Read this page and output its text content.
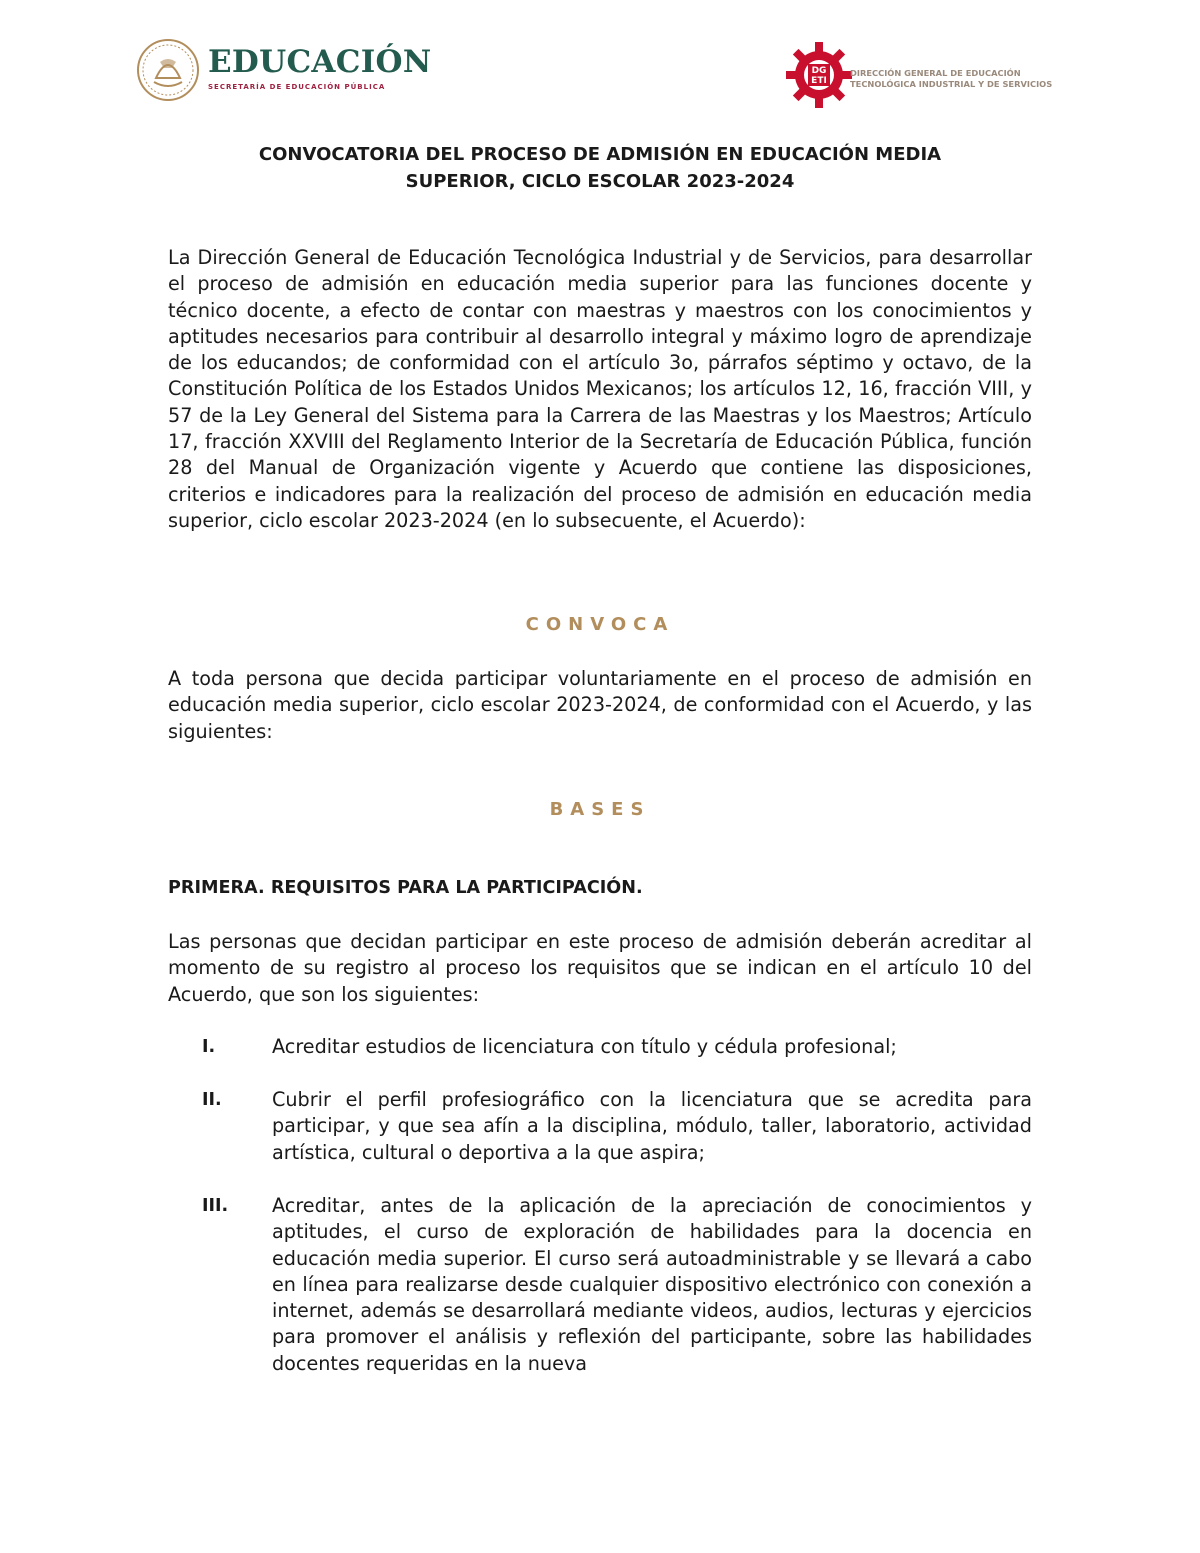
EDUCACIÓN
SECRETARÍA DE EDUCACIÓN PÚBLICA
DG
ETI
DIRECCIÓN GENERAL DE EDUCACIÓN
TECNOLÓGICA INDUSTRIAL Y DE SERVICIOS
CONVOCATORIA DEL PROCESO DE ADMISIÓN EN EDUCACIÓN MEDIA
SUPERIOR, CICLO ESCOLAR 2023-2024

La Dirección General de Educación Tecnológica Industrial y de Servicios, para desarrollar el proceso de admisión en educación media superior para las funciones docente y técnico docente, a efecto de contar con maestras y maestros con los conocimientos y aptitudes necesarios para contribuir al desarrollo integral y máximo logro de aprendizaje de los educandos; de conformidad con el artículo 3o, párrafos séptimo y octavo, de la Constitución Política de los Estados Unidos Mexicanos; los artículos 12, 16, fracción VIII, y 57 de la Ley General del Sistema para la Carrera de las Maestras y los Maestros; Artículo 17, fracción XXVIII del Reglamento Interior de la Secretaría de Educación Pública, función 28 del Manual de Organización vigente y Acuerdo que contiene las disposiciones, criterios e indicadores para la realización del proceso de admisión en educación media superior, ciclo escolar 2023-2024 (en lo subsecuente, el Acuerdo):

CONVOCA

A toda persona que decida participar voluntariamente en el proceso de admisión en educación media superior, ciclo escolar 2023-2024, de conformidad con el Acuerdo, y las siguientes:

BASES
PRIMERA. REQUISITOS PARA LA PARTICIPACIÓN.

Las personas que decidan participar en este proceso de admisión deberán acreditar al momento de su registro al proceso los requisitos que se indican en el artículo 10 del Acuerdo, que son los siguientes:

I.	Acreditar estudios de licenciatura con título y cédula profesional;

II.	Cubrir el perfil profesiográfico con la licenciatura que se acredita para participar, y que sea afín a la disciplina, módulo, taller, laboratorio, actividad artística, cultural o deportiva a la que aspira;

III. Acreditar, antes de la aplicación de la apreciación de conocimientos y aptitudes, el curso de exploración de habilidades para la docencia en educación media superior. El curso será autoadministrable y se llevará a cabo en línea para realizarse desde cualquier dispositivo electrónico con conexión a internet, además se desarrollará mediante videos, audios, lecturas y ejercicios para promover el análisis y reflexión del participante, sobre las habilidades docentes requeridas en la nueva
